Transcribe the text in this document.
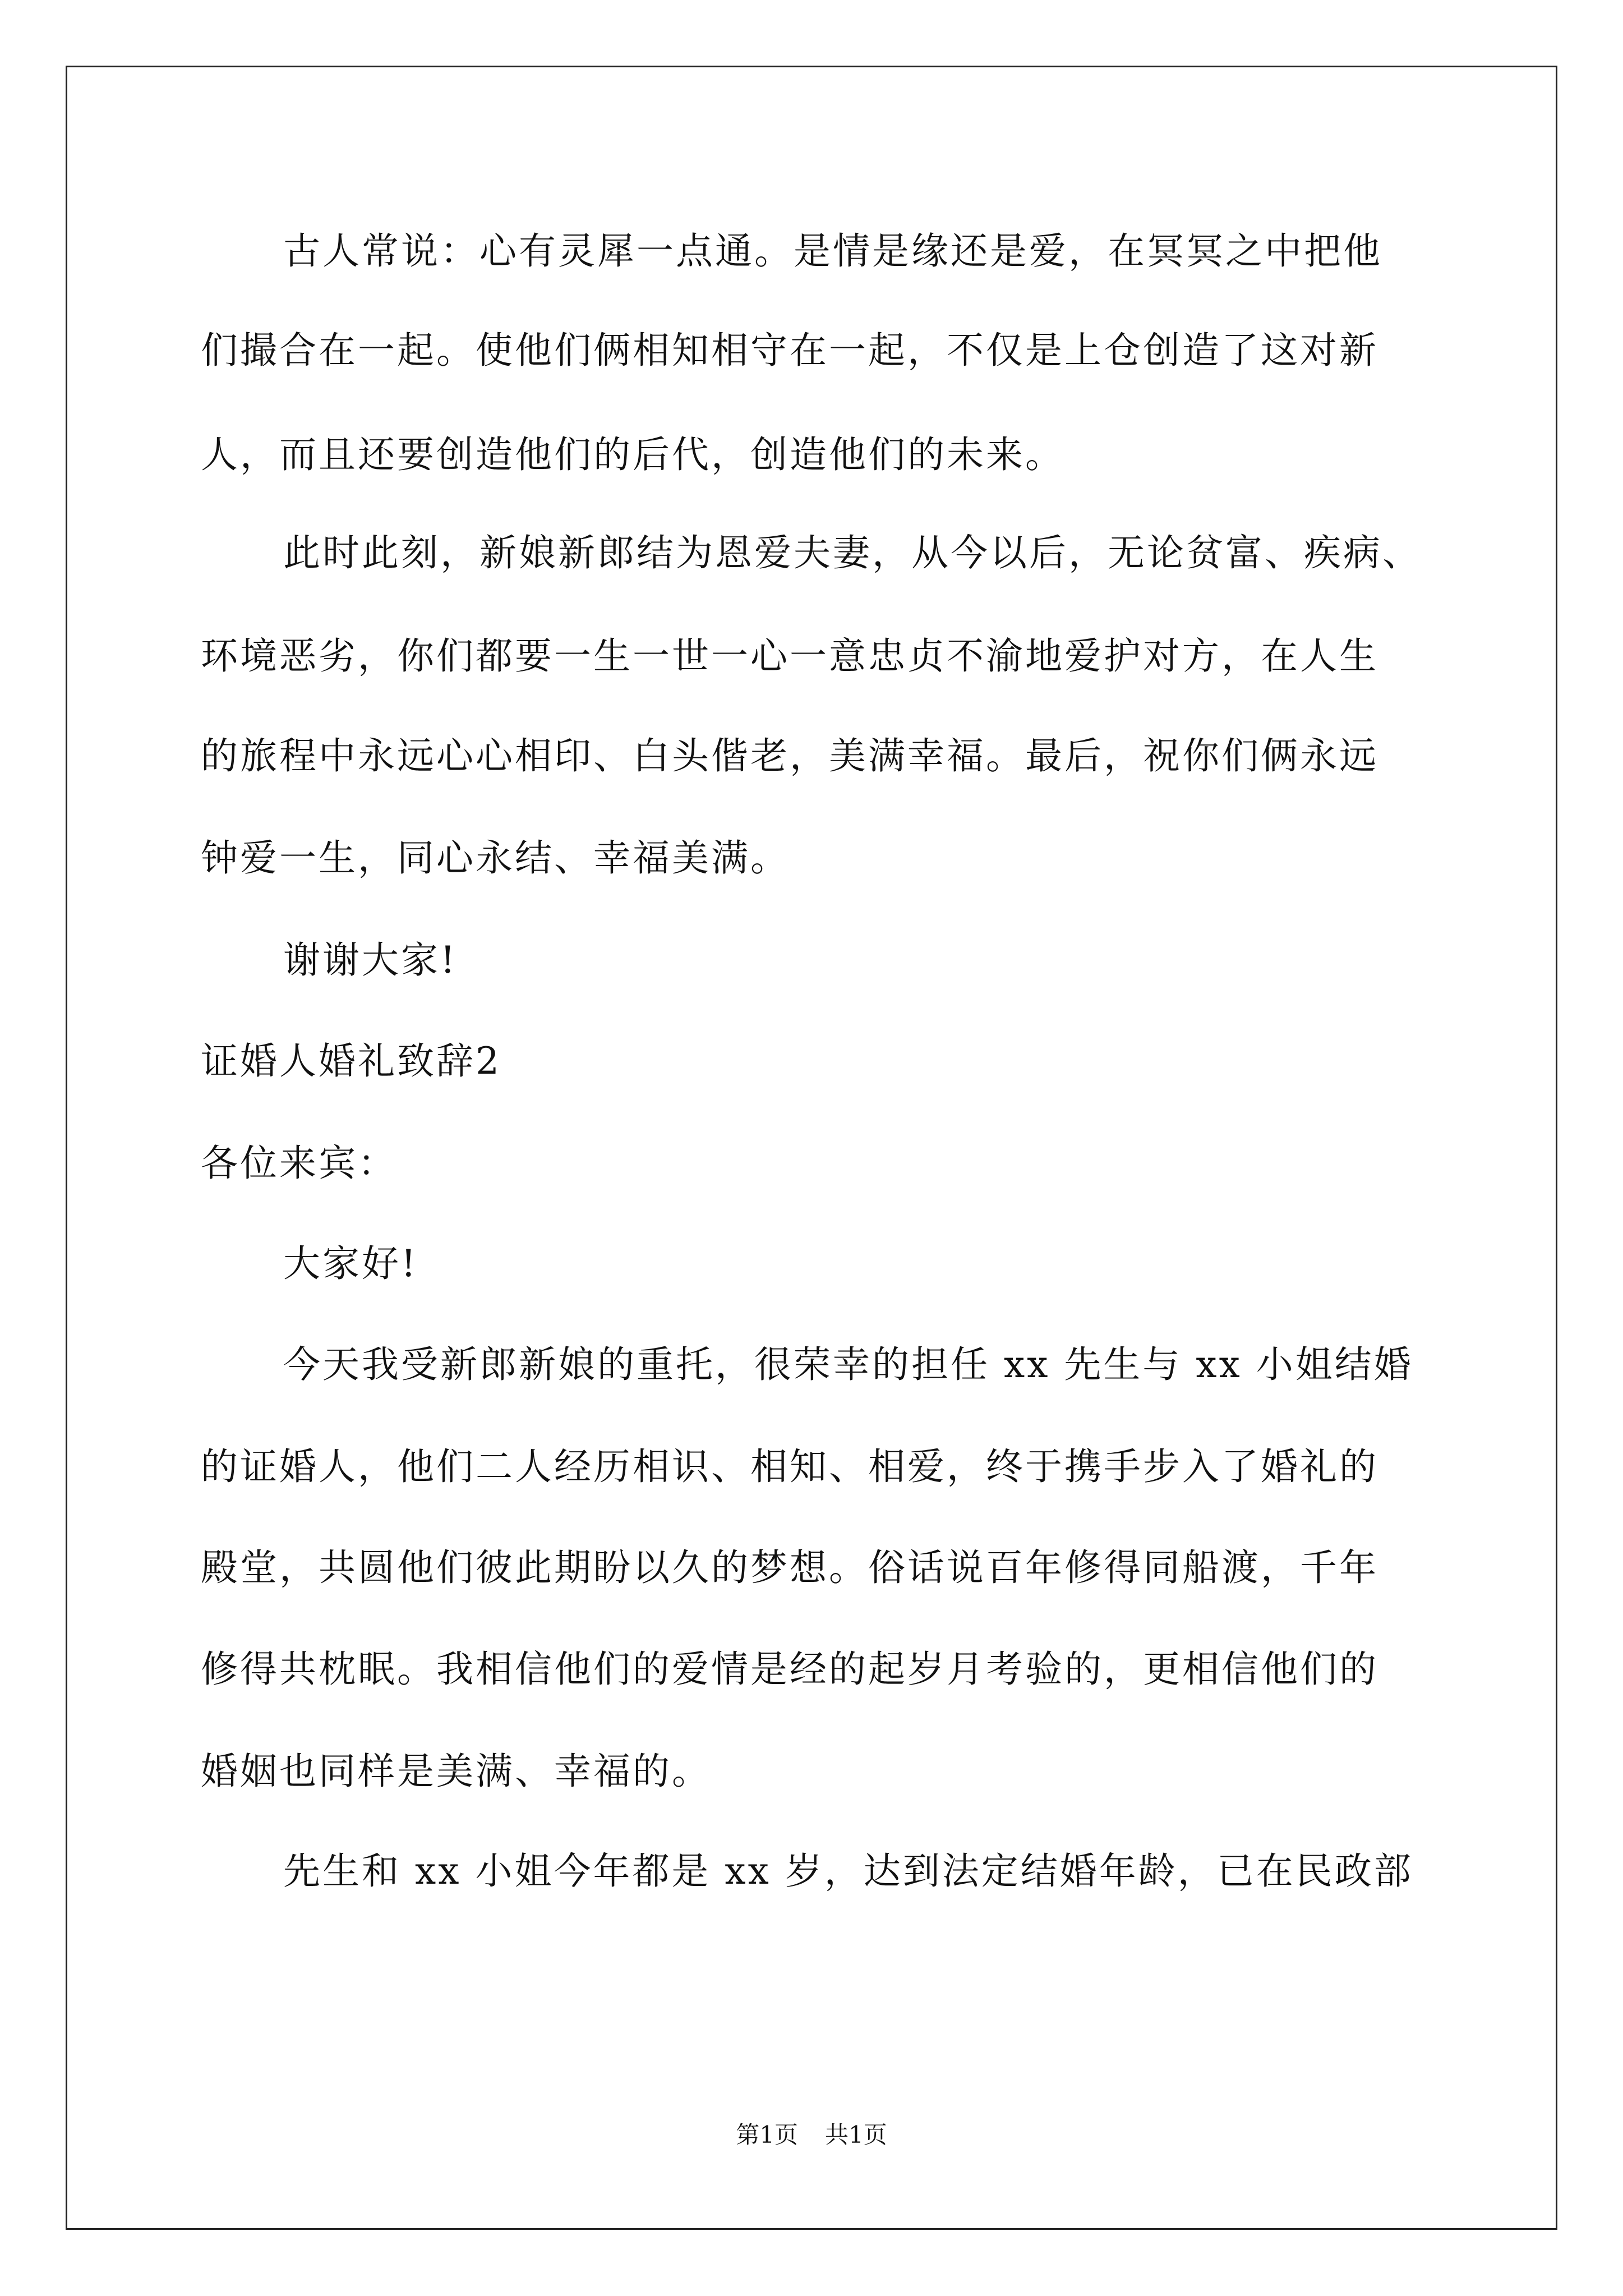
古人常说：心有灵犀一点通。是情是缘还是爱，在冥冥之中把他
们撮合在一起。使他们俩相知相守在一起，不仅是上仓创造了这对新
人，而且还要创造他们的后代，创造他们的未来。
此时此刻，新娘新郎结为恩爱夫妻，从今以后，无论贫富、疾病、
环境恶劣，你们都要一生一世一心一意忠贞不渝地爱护对方，在人生
的旅程中永远心心相印、白头偕老，美满幸福。最后，祝你们俩永远
钟爱一生，同心永结、幸福美满。
谢谢大家!
证婚人婚礼致辞2
各位来宾：
大家好!
今天我受新郎新娘的重托，很荣幸的担任 xx 先生与 xx 小姐结婚
的证婚人，他们二人经历相识、相知、相爱，终于携手步入了婚礼的
殿堂，共圆他们彼此期盼以久的梦想。俗话说百年修得同船渡，千年
修得共枕眠。我相信他们的爱情是经的起岁月考验的，更相信他们的
婚姻也同样是美满、幸福的。
先生和 xx 小姐今年都是 xx 岁，达到法定结婚年龄，已在民政部
第1页 共1页
